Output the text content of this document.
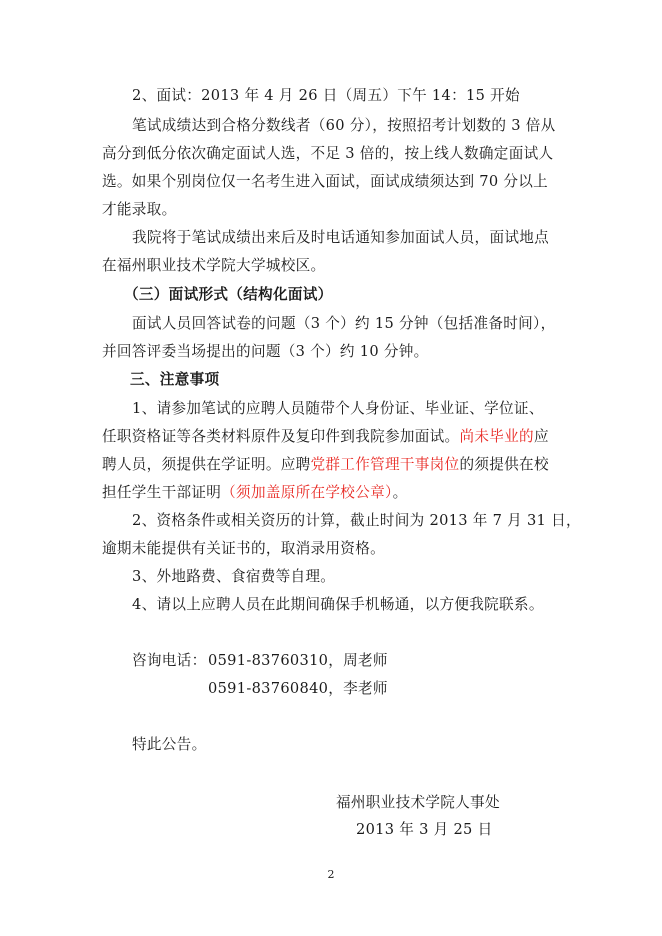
2、面试：2013 年 4 月 26 日（周五）下午 14：15 开始
笔试成绩达到合格分数线者（60 分），按照招考计划数的 3 倍从
高分到低分依次确定面试人选，不足 3 倍的，按上线人数确定面试人
选。如果个别岗位仅一名考生进入面试，面试成绩须达到 70 分以上
才能录取。
我院将于笔试成绩出来后及时电话通知参加面试人员，面试地点
在福州职业技术学院大学城校区。
（三）面试形式（结构化面试）
面试人员回答试卷的问题（3 个）约 15 分钟（包括准备时间），
并回答评委当场提出的问题（3 个）约 10 分钟。
三、注意事项
1、请参加笔试的应聘人员随带个人身份证、毕业证、学位证、
任职资格证等各类材料原件及复印件到我院参加面试。尚未毕业的应
聘人员，须提供在学证明。应聘党群工作管理干事岗位的须提供在校
担任学生干部证明（须加盖原所在学校公章）。
2、资格条件或相关资历的计算，截止时间为 2013 年 7 月 31 日，
逾期未能提供有关证书的，取消录用资格。
3、外地路费、食宿费等自理。
4、请以上应聘人员在此期间确保手机畅通，以方便我院联系。
咨询电话： 0591-83760310，周老师
0591-83760840，李老师
特此公告。
福州职业技术学院人事处
2013 年 3 月 25 日
2
